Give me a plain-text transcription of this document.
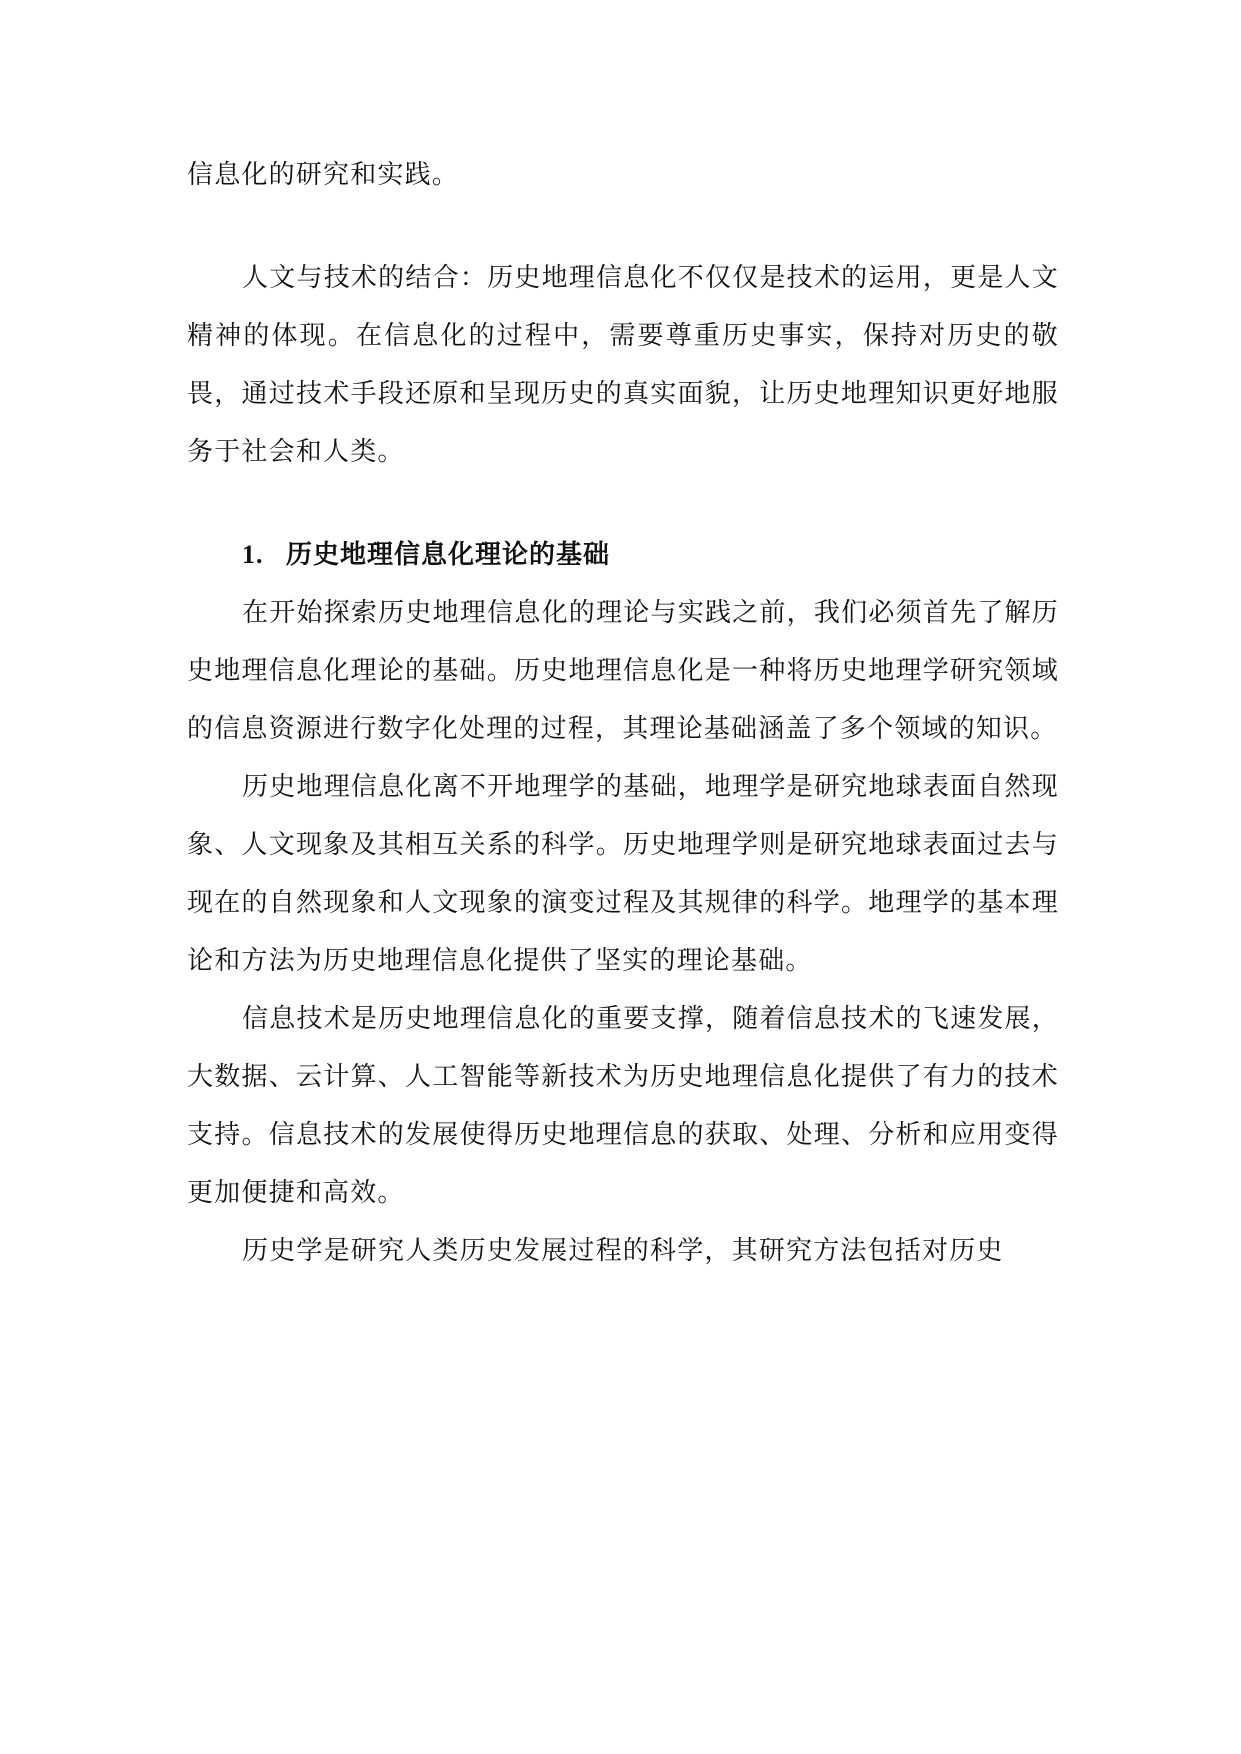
信息化的研究和实践。

人文与技术的结合：历史地理信息化不仅仅是技术的运用，更是人文精神的体现。在信息化的过程中，需要尊重历史事实，保持对历史的敬畏，通过技术手段还原和呈现历史的真实面貌，让历史地理知识更好地服务于社会和人类。

1. 历史地理信息化理论的基础

在开始探索历史地理信息化的理论与实践之前，我们必须首先了解历史地理信息化理论的基础。历史地理信息化是一种将历史地理学研究领域的信息资源进行数字化处理的过程，其理论基础涵盖了多个领域的知识。

历史地理信息化离不开地理学的基础，地理学是研究地球表面自然现象、人文现象及其相互关系的科学。历史地理学则是研究地球表面过去与现在的自然现象和人文现象的演变过程及其规律的科学。地理学的基本理论和方法为历史地理信息化提供了坚实的理论基础。

信息技术是历史地理信息化的重要支撑，随着信息技术的飞速发展，大数据、云计算、人工智能等新技术为历史地理信息化提供了有力的技术支持。信息技术的发展使得历史地理信息的获取、处理、分析和应用变得更加便捷和高效。

历史学是研究人类历史发展过程的科学，其研究方法包括对历史
